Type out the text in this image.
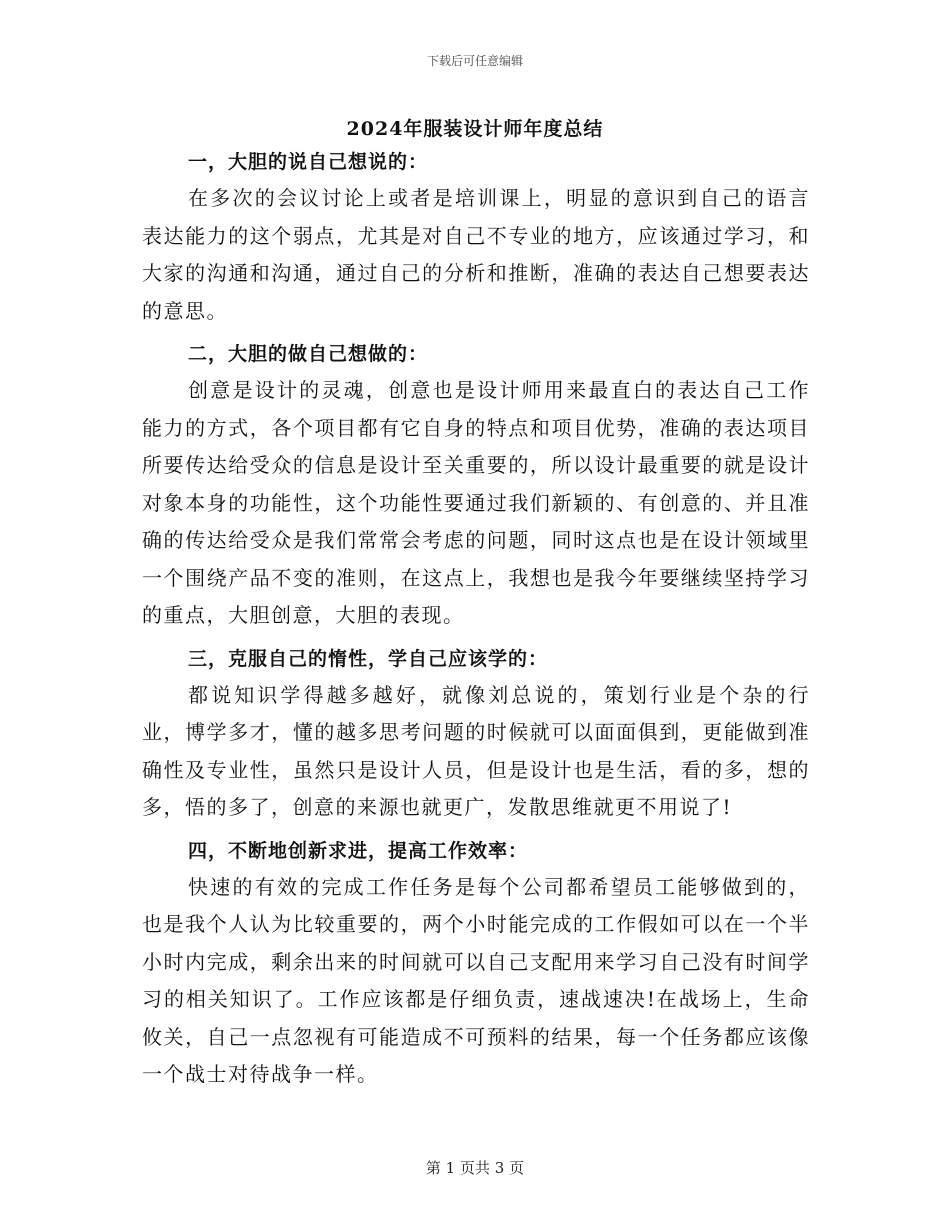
下载后可任意编辑
2024年服装设计师年度总结

一，大胆的说自己想说的：

在多次的会议讨论上或者是培训课上，明显的意识到自己的语言表达能力的这个弱点，尤其是对自己不专业的地方，应该通过学习，和大家的沟通和沟通，通过自己的分析和推断，准确的表达自己想要表达的意思。

二，大胆的做自己想做的：

创意是设计的灵魂，创意也是设计师用来最直白的表达自己工作能力的方式，各个项目都有它自身的特点和项目优势，准确的表达项目所要传达给受众的信息是设计至关重要的，所以设计最重要的就是设计对象本身的功能性，这个功能性要通过我们新颖的、有创意的、并且准确的传达给受众是我们常常会考虑的问题，同时这点也是在设计领域里一个围绕产品不变的准则，在这点上，我想也是我今年要继续坚持学习的重点，大胆创意，大胆的表现。

三，克服自己的惰性，学自己应该学的：

都说知识学得越多越好，就像刘总说的，策划行业是个杂的行业，博学多才，懂的越多思考问题的时候就可以面面俱到，更能做到准确性及专业性，虽然只是设计人员，但是设计也是生活，看的多，想的多，悟的多了，创意的来源也就更广，发散思维就更不用说了!

四，不断地创新求进，提高工作效率：

快速的有效的完成工作任务是每个公司都希望员工能够做到的，也是我个人认为比较重要的，两个小时能完成的工作假如可以在一个半小时内完成，剩余出来的时间就可以自己支配用来学习自己没有时间学习的相关知识了。工作应该都是仔细负责，速战速决!在战场上，生命攸关，自己一点忽视有可能造成不可预料的结果，每一个任务都应该像一个战士对待战争一样。

第 1 页共 3 页
